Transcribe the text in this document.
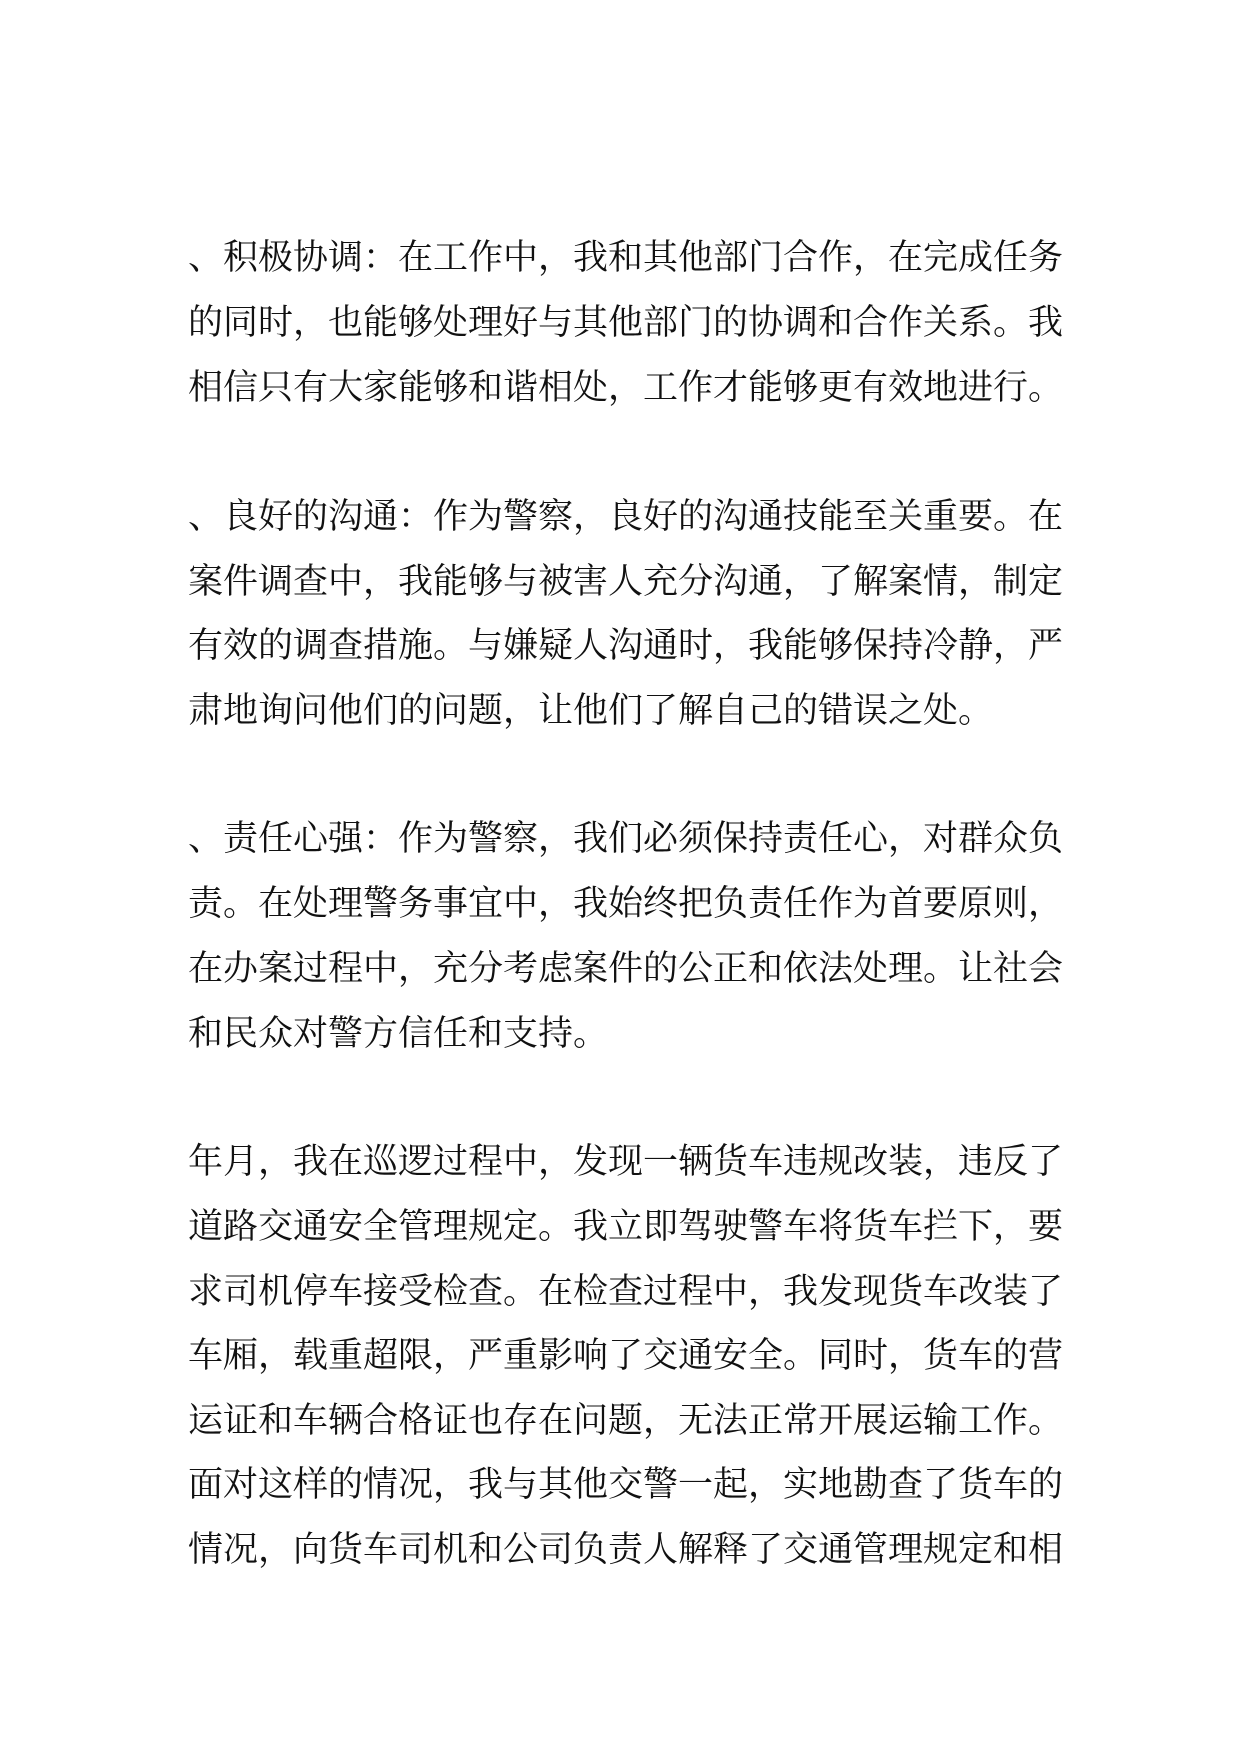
、积极协调：在工作中，我和其他部门合作，在完成任务
的同时，也能够处理好与其他部门的协调和合作关系。我
相信只有大家能够和谐相处，工作才能够更有效地进行。
、良好的沟通：作为警察，良好的沟通技能至关重要。在
案件调查中，我能够与被害人充分沟通，了解案情，制定
有效的调查措施。与嫌疑人沟通时，我能够保持冷静，严
肃地询问他们的问题，让他们了解自己的错误之处。
、责任心强：作为警察，我们必须保持责任心，对群众负
责。在处理警务事宜中，我始终把负责任作为首要原则，
在办案过程中，充分考虑案件的公正和依法处理。让社会
和民众对警方信任和支持。
年月，我在巡逻过程中，发现一辆货车违规改装，违反了
道路交通安全管理规定。我立即驾驶警车将货车拦下，要
求司机停车接受检查。在检查过程中，我发现货车改装了
车厢，载重超限，严重影响了交通安全。同时，货车的营
运证和车辆合格证也存在问题，无法正常开展运输工作。
面对这样的情况，我与其他交警一起，实地勘查了货车的
情况，向货车司机和公司负责人解释了交通管理规定和相
